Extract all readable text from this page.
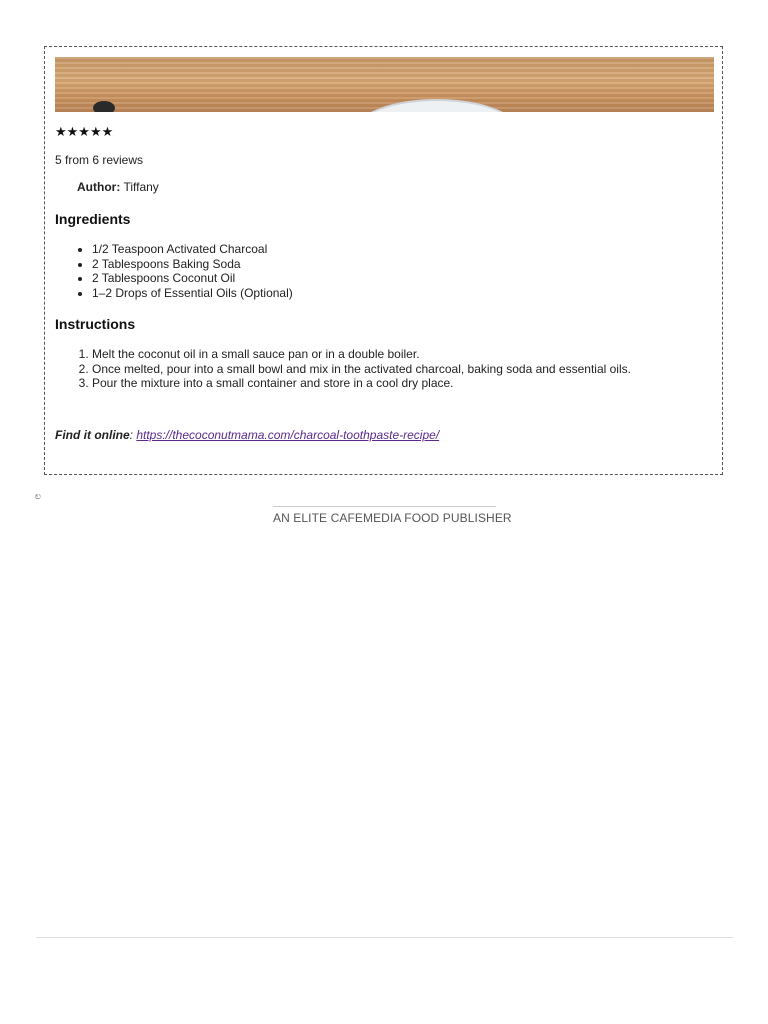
★★★★★
5 from 6 reviews
Author: Tiffany
Ingredients
• 1/2 Teaspoon Activated Charcoal
• 2 Tablespoons Baking Soda
• 2 Tablespoons Coconut Oil
• 1–2 Drops of Essential Oils (Optional)
Instructions
1. Melt the coconut oil in a small sauce pan or in a double boiler.
2. Once melted, pour into a small bowl and mix in the activated charcoal, baking soda and essential oils.
3. Pour the mixture into a small container and store in a cool dry place.
Find it online: https://thecoconutmama.com/charcoal-toothpaste-recipe/
ಲ
AN ELITE CAFEMEDIA FOOD PUBLISHER
